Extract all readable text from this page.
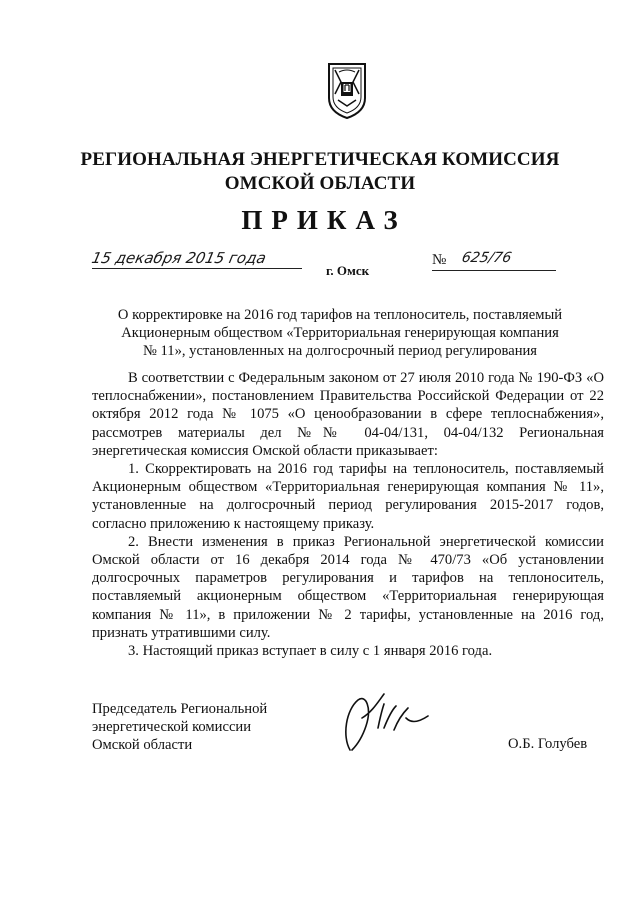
РЕГИОНАЛЬНАЯ ЭНЕРГЕТИЧЕСКАЯ КОМИССИЯ
ОМСКОЙ ОБЛАСТИ
ПРИКАЗ
15 декабря 2015 года
г. Омск
№ 625/76
О корректировке на 2016 год тарифов на теплоноситель, поставляемый
Акционерным обществом «Территориальная генерирующая компания
№ 11», установленных на долгосрочный период регулирования

В соответствии с Федеральным законом от 27 июля 2010 года № 190-ФЗ «О теплоснабжении», постановлением Правительства Российской Федерации от 22 октября 2012 года № 1075 «О ценообразовании в сфере теплоснабжения», рассмотрев материалы дел №№ 04-04/131, 04-04/132 Региональная энергетическая комиссия Омской области приказывает:

1. Скорректировать на 2016 год тарифы на теплоноситель, поставляемый Акционерным обществом «Территориальная генерирующая компания № 11», установленные на долгосрочный период регулирования 2015-2017 годов, согласно приложению к настоящему приказу.

2. Внести изменения в приказ Региональной энергетической комиссии Омской области от 16 декабря 2014 года № 470/73 «Об установлении долгосрочных параметров регулирования и тарифов на теплоноситель, поставляемый акционерным обществом «Территориальная генерирующая компания № 11», в приложении № 2 тарифы, установленные на 2016 год, признать утратившими силу.

3. Настоящий приказ вступает в силу с 1 января 2016 года.

Председатель Региональной
энергетической комиссии
Омской области	О.Б. Голубев
